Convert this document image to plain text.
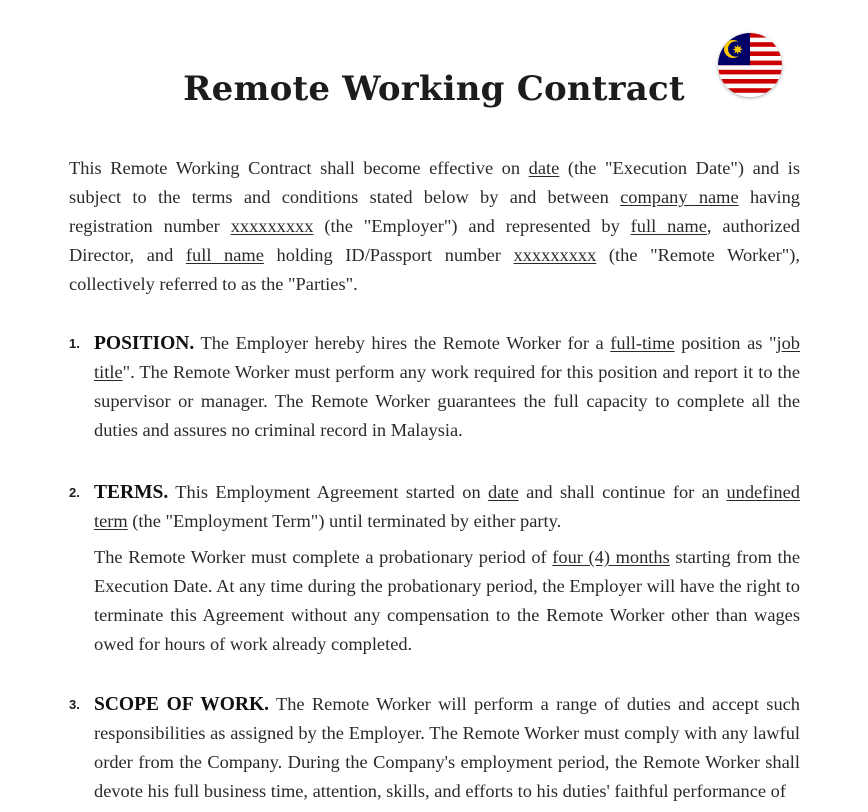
Remote Working Contract

This Remote Working Contract shall become effective on date (the "Execution Date") and is subject to the terms and conditions stated below by and between company name having registration number xxxxxxxxx (the "Employer") and represented by full name, authorized Director, and full name holding ID/Passport number xxxxxxxxx (the "Remote Worker"), collectively referred to as the "Parties".

1. POSITION. The Employer hereby hires the Remote Worker for a full-time position as "job title". The Remote Worker must perform any work required for this position and report it to the supervisor or manager. The Remote Worker guarantees the full capacity to complete all the duties and assures no criminal record in Malaysia.

2. TERMS. This Employment Agreement started on date and shall continue for an undefined term (the "Employment Term") until terminated by either party.

The Remote Worker must complete a probationary period of four (4) months starting from the Execution Date. At any time during the probationary period, the Employer will have the right to terminate this Agreement without any compensation to the Remote Worker other than wages owed for hours of work already completed.

3. SCOPE OF WORK. The Remote Worker will perform a range of duties and accept such responsibilities as assigned by the Employer. The Remote Worker must comply with any lawful order from the Company. During the Company's employment period, the Remote Worker shall devote his full business time, attention, skills, and efforts to his duties' faithful performance of
